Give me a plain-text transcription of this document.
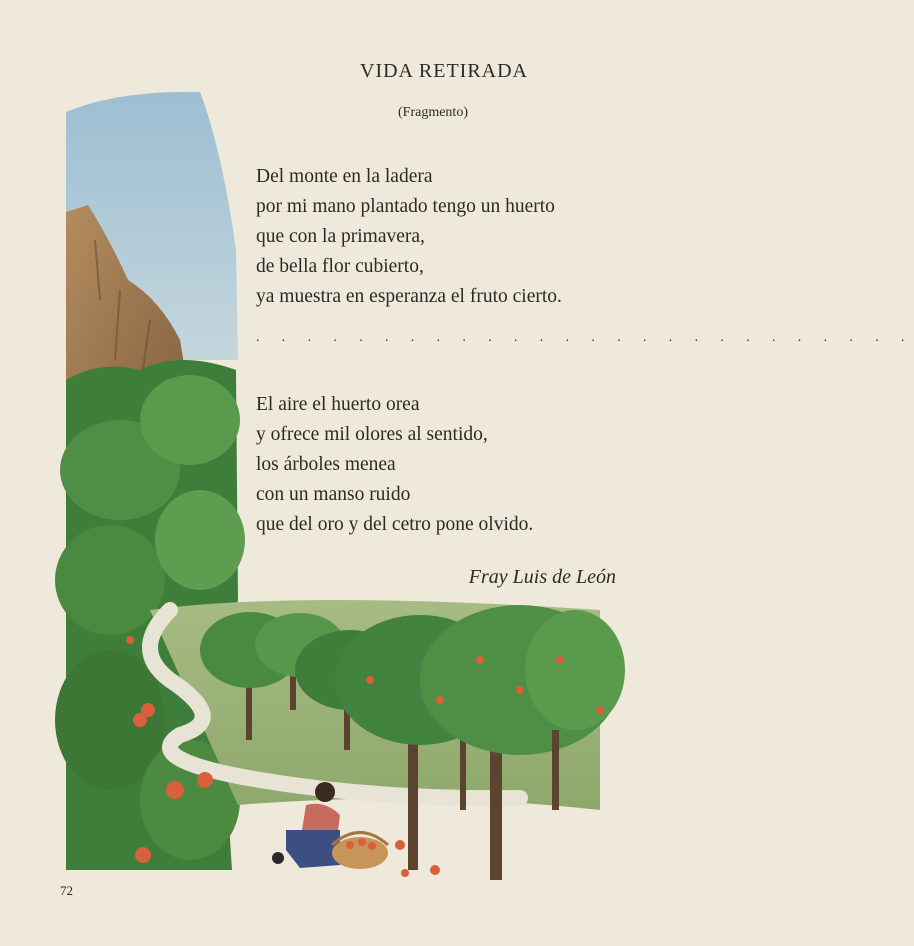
VIDA RETIRADA
(Fragmento)
Del monte en la ladera
por mi mano plantado tengo un huerto
que con la primavera,
de bella flor cubierto,
ya muestra en esperanza el fruto cierto.
. . . . . . . . . . . . . . . . . . . . . . . . . .
El aire el huerto orea
y ofrece mil olores al sentido,
los árboles menea
con un manso ruido
que del oro y del cetro pone olvido.
Fray Luis de León
72
